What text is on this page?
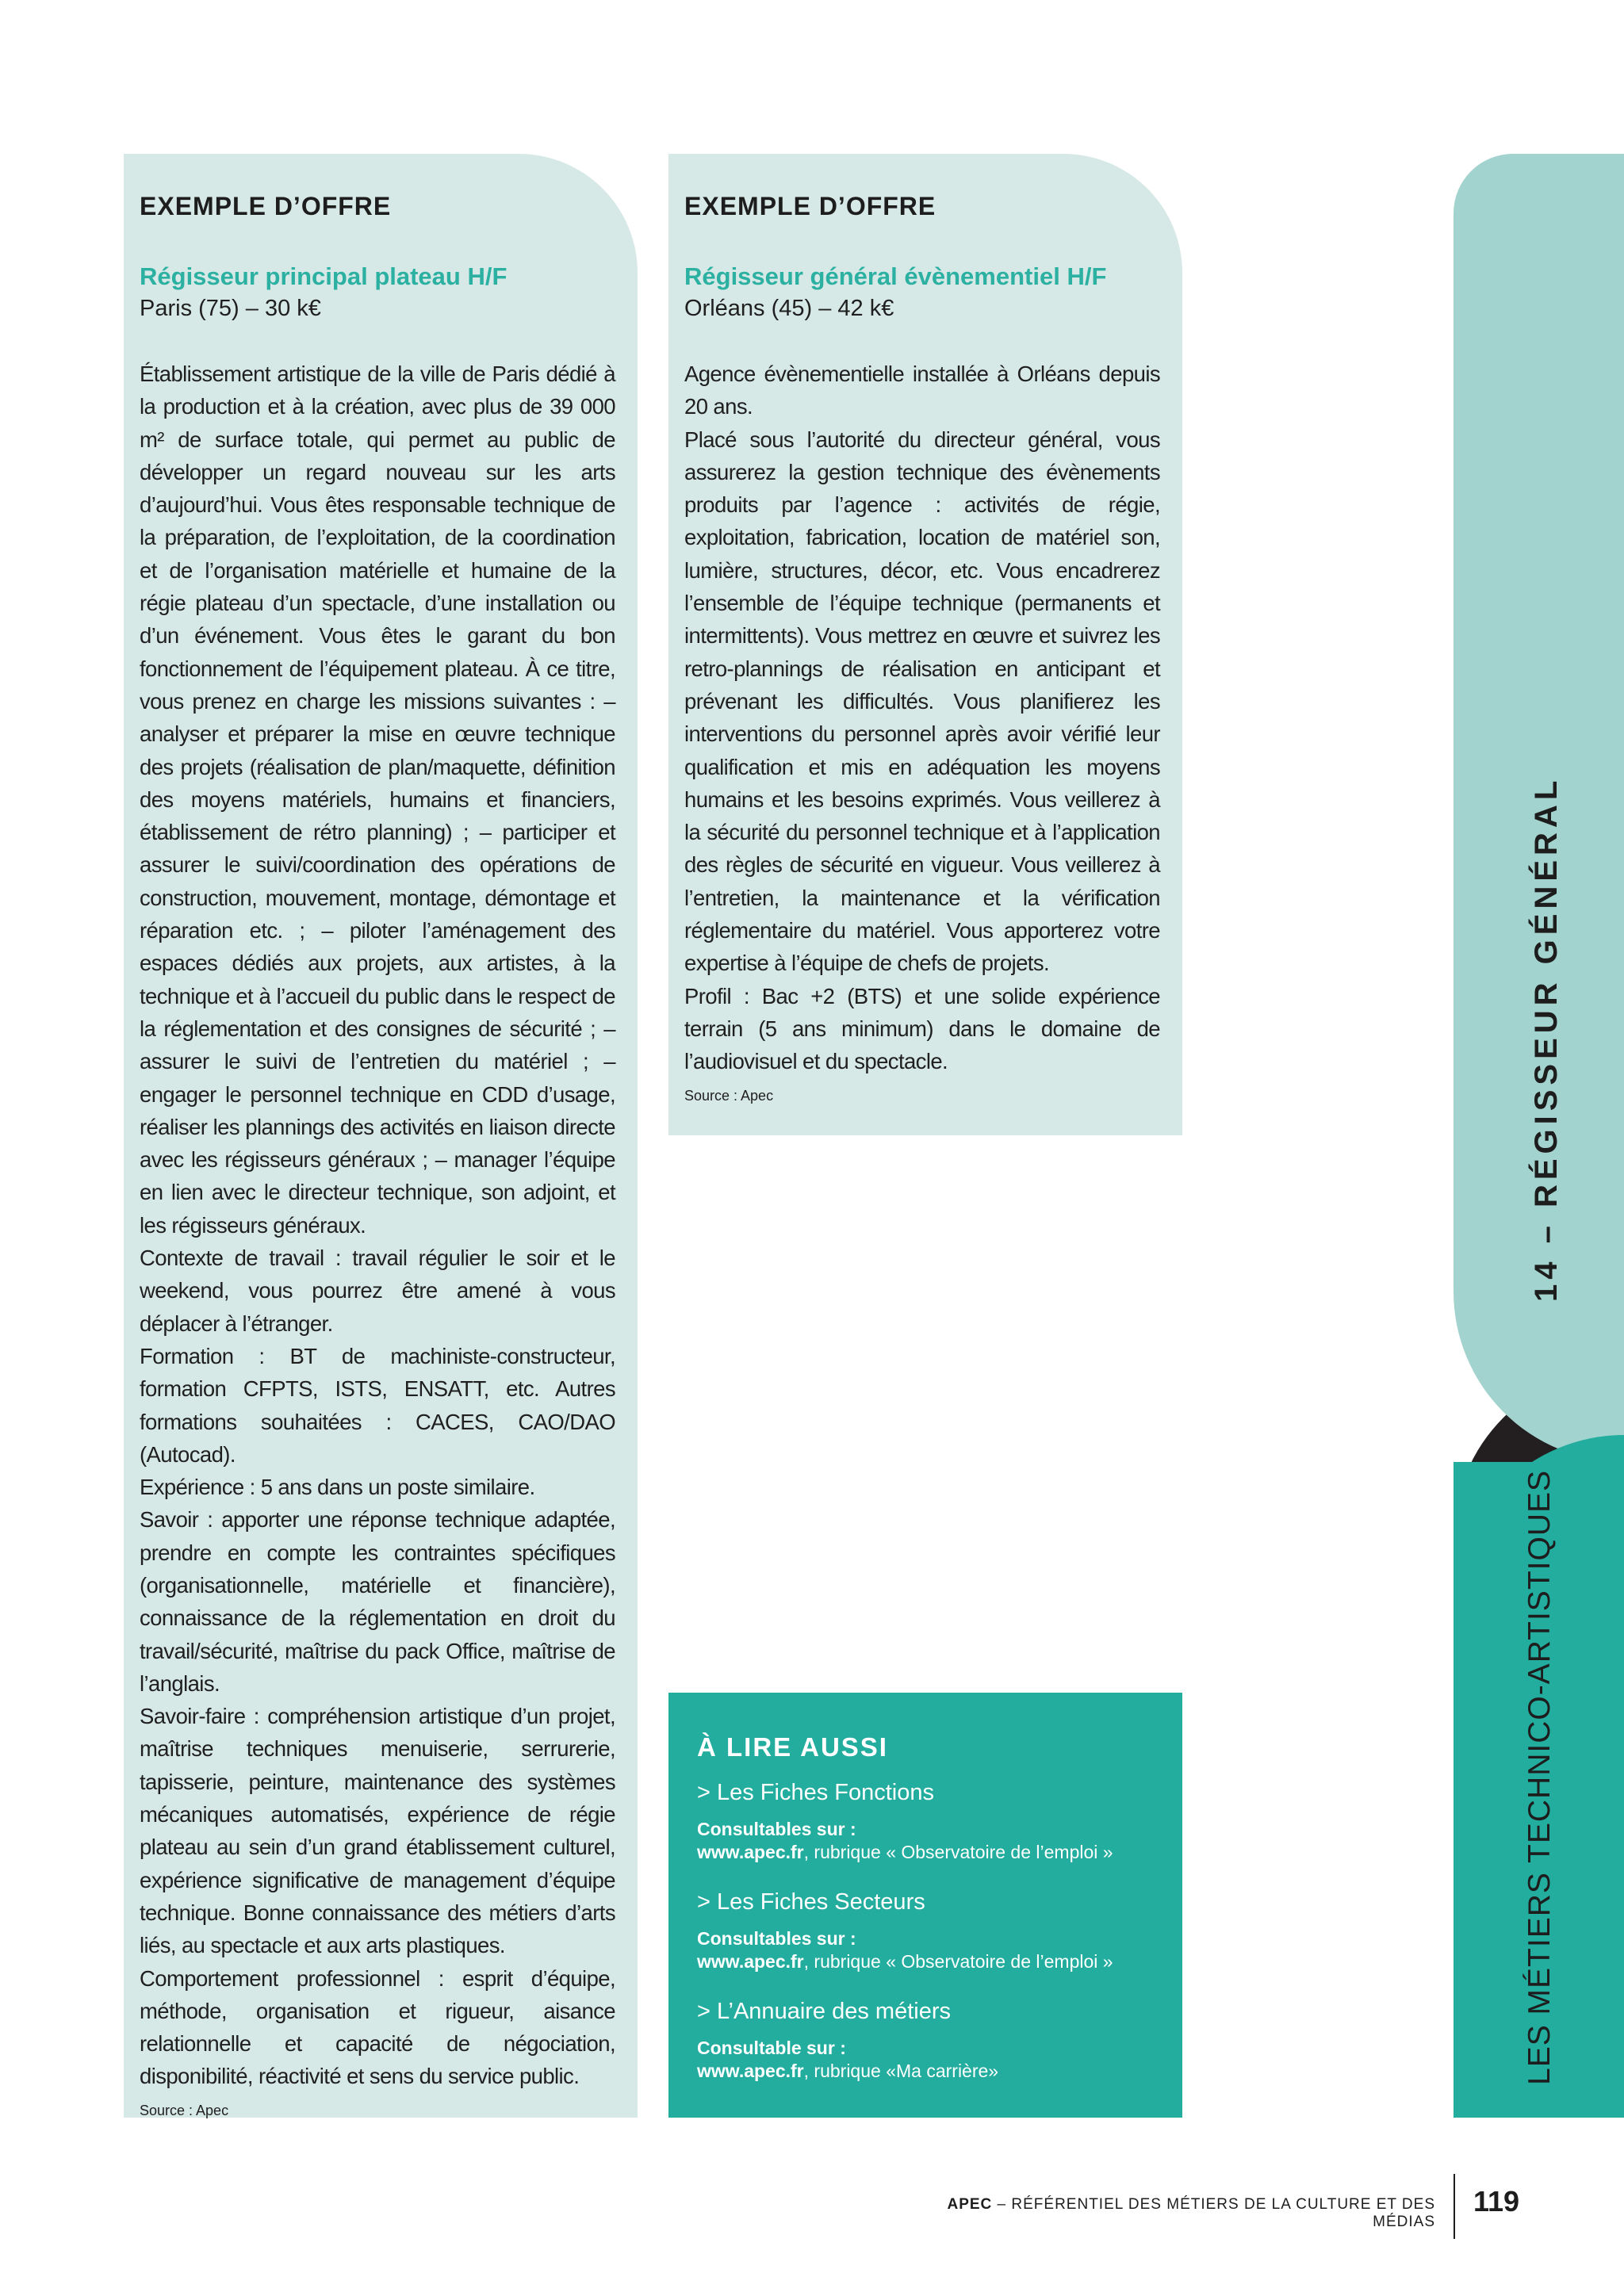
EXEMPLE D’OFFRE
Régisseur principal plateau H/F

Paris (75) – 30 k€

Établissement artistique de la ville de Paris dédié à la production et à la création, avec plus de 39 000 m² de surface totale, qui permet au public de développer un regard nouveau sur les arts d’aujourd’hui. Vous êtes responsable technique de la préparation, de l’exploitation, de la coordination et de l’organisation matérielle et humaine de la régie plateau d’un spectacle, d’une installation ou d’un événement. Vous êtes le garant du bon fonctionnement de l’équipement plateau. À ce titre, vous prenez en charge les missions suivantes : – analyser et préparer la mise en œuvre technique des projets (réalisation de plan/maquette, définition des moyens matériels, humains et financiers, établissement de rétro planning) ; – participer et assurer le suivi/coordination des opérations de construction, mouvement, montage, démontage et réparation etc. ; – piloter l’aménagement des espaces dédiés aux projets, aux artistes, à la technique et à l’accueil du public dans le respect de la réglementation et des consignes de sécurité ; – assurer le suivi de l’entretien du matériel ; – engager le personnel technique en CDD d’usage, réaliser les plannings des activités en liaison directe avec les régisseurs généraux ; – manager l’équipe en lien avec le directeur technique, son adjoint, et les régisseurs généraux.

Contexte de travail : travail régulier le soir et le weekend, vous pourrez être amené à vous déplacer à l’étranger.

Formation : BT de machiniste-constructeur, formation CFPTS, ISTS, ENSATT, etc. Autres formations souhaitées : CACES, CAO/DAO (Autocad).

Expérience : 5 ans dans un poste similaire.

Savoir : apporter une réponse technique adaptée, prendre en compte les contraintes spécifiques (organisationnelle, matérielle et financière), connaissance de la réglementation en droit du travail/sécurité, maîtrise du pack Office, maîtrise de l’anglais.

Savoir-faire : compréhension artistique d’un projet, maîtrise techniques menuiserie, serrurerie, tapisserie, peinture, maintenance des systèmes mécaniques automatisés, expérience de régie plateau au sein d’un grand établissement culturel, expérience significative de management d’équipe technique. Bonne connaissance des métiers d’arts liés, au spectacle et aux arts plastiques.

Comportement professionnel : esprit d’équipe, méthode, organisation et rigueur, aisance relationnelle et capacité de négociation, disponibilité, réactivité et sens du service public.

Source : Apec
EXEMPLE D’OFFRE
Régisseur général évènementiel H/F

Orléans (45) – 42 k€

Agence évènementielle installée à Orléans depuis 20 ans.

Placé sous l’autorité du directeur général, vous assurerez la gestion technique des évènements produits par l’agence : activités de régie, exploitation, fabrication, location de matériel son, lumière, structures, décor, etc. Vous encadrerez l’ensemble de l’équipe technique (permanents et intermittents). Vous mettrez en œuvre et suivrez les retro-plannings de réalisation en anticipant et prévenant les difficultés. Vous planifierez les interventions du personnel après avoir vérifié leur qualification et mis en adéquation les moyens humains et les besoins exprimés. Vous veillerez à la sécurité du personnel technique et à l’application des règles de sécurité en vigueur. Vous veillerez à l’entretien, la maintenance et la vérification réglementaire du matériel. Vous apporterez votre expertise à l’équipe de chefs de projets.

Profil : Bac +2 (BTS) et une solide expérience terrain (5 ans minimum) dans le domaine de l’audiovisuel et du spectacle.

Source : Apec
À LIRE AUSSI

> Les Fiches Fonctions

Consultables sur :

www.apec.fr, rubrique « Observatoire de l’emploi »

> Les Fiches Secteurs

Consultables sur :

www.apec.fr, rubrique « Observatoire de l’emploi »

> L’Annuaire des métiers

Consultable sur :

www.apec.fr, rubrique «Ma carrière»

14 – RÉGISSEUR GÉNÉRAL
LES MÉTIERS TECHNICO-ARTISTIQUES
APEC – RÉFÉRENTIEL DES MÉTIERS DE LA CULTURE ET DES MÉDIAS
119
